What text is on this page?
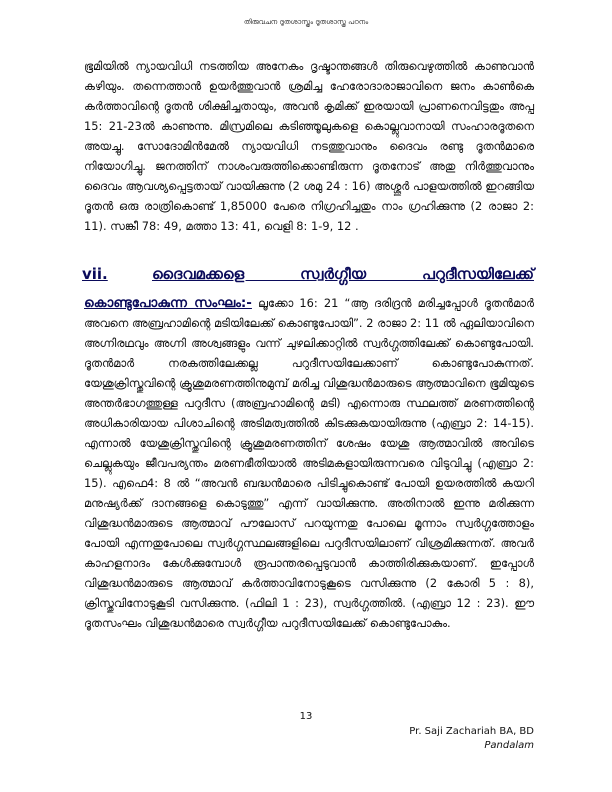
തിരുവചന ദൂതശാസ്ത്രം ദൂതശാസ്ത്ര പഠനം
ഭൂമിയിൽ ന്യായവിധി നടത്തിയ അനേകം ദൃഷ്ടാന്തങ്ങൾ തിരുവെഴുത്തിൽ കാണുവാൻ കഴിയും. തന്നെത്താൻ ഉയർത്തുവാൻ ശ്രമിച്ച ഹേരോദാരാജാവിനെ ജനം കാൺകെ കർത്താവിന്റെ ദൂതൻ ശിക്ഷിച്ചതായും, അവൻ കൃമിക്ക് ഇരയായി പ്രാണനെവിട്ടതും അപ്പ 15: 21-23ൽ കാണുന്നു. മിസ്രമിലെ കടിഞ്ഞൂലുകളെ കൊല്ലുവാനായി സംഹാരദൂതനെ അയച്ചു. സോദോമിൻമേൽ ന്യായവിധി നടത്തുവാനും ദൈവം രണ്ടു ദൂതൻമാരെ നിയോഗിച്ചു. ജനത്തിന് നാശംവരുത്തിക്കൊണ്ടിരുന്ന ദൂതനോട് അതു നിർത്തുവാനും ദൈവം ആവശ്യപ്പെട്ടതായ് വായിക്കുന്നു (2 ശമു 24 : 16) അശ്ശൂർ പാളയത്തിൽ ഇറങ്ങിയ ദൂതൻ ഒരു രാത്രികൊണ്ട് 1,85000 പേരെ നിഗ്രഹിച്ചതും നാം ഗ്രഹിക്കുന്നു (2 രാജാ 2: 11). സങ്കീ 78: 49, മത്താ 13: 41, വെളി 8: 1-9, 12 .
vii.	ദൈവമക്കളെ സ്വർഗ്ഗീയ പറുദീസയിലേക്ക്
കൊണ്ടുപോകുന്ന സംഘം:- ലൂക്കോ 16: 21 “ആ ദരിദ്രൻ മരിച്ചപ്പോൾ ദൂതൻമാർ അവനെ അബ്രഹാമിന്റെ മടിയിലേക്ക് കൊണ്ടുപോയി”. 2 രാജാ 2: 11 ൽ ഏലിയാവിനെ അഗ്നിരഥവും അഗ്നി അശ്വങ്ങളും വന്ന് ചുഴലിക്കാറ്റിൽ സ്വർഗ്ഗത്തിലേക്ക് കൊണ്ടുപോയി. ദൂതൻമാർ നരകത്തിലേക്കല്ല പറുദീസയിലേക്കാണ് കൊണ്ടുപോകുന്നത്. യേശുക്രിസ്തുവിന്റെ ക്രൂശുമരണത്തിനുമുമ്പ് മരിച്ച വിശുദ്ധൻമാരുടെ ആത്മാവിനെ ഭൂമിയുടെ അന്തർഭാഗത്തുള്ള പറുദീസ (അബ്രഹാമിന്റെ മടി) എന്നൊരു സ്ഥലത്ത് മരണത്തിന്റെ അധികാരിയായ പിശാചിന്റെ അടിമത്വത്തിൽ കിടക്കുകയായിരുന്നു (എബ്രാ 2: 14-15). എന്നാൽ യേശുക്രിസ്തുവിന്റെ ക്രൂശുമരണത്തിന് ശേഷം യേശു ആത്മാവിൽ അവിടെ ചെല്ലുകയും ജീവപര്യന്തം മരണഭീതിയാൽ അടിമകളായിരുന്നവരെ വിടുവിച്ചു (എബ്രാ 2: 15). എഫെ4: 8 ൽ “അവൻ ബദ്ധൻമാരെ പിടിച്ചുകൊണ്ട് പോയി ഉയരത്തിൽ കയറി മനുഷ്യർക്ക് ദാനങ്ങളെ കൊടുത്തു” എന്ന് വായിക്കുന്നു. അതിനാൽ ഇന്നു മരിക്കുന്ന വിശുദ്ധൻമാരുടെ ആത്മാവ് പൗലോസ് പറയുന്നതു പോലെ മൂന്നാം സ്വർഗ്ഗത്തോളം പോയി എന്നതുപോലെ സ്വർഗ്ഗസ്ഥലങ്ങളിലെ പറുദീസയിലാണ് വിശ്രമിക്കുന്നത്. അവർ കാഹളനാദം കേൾക്കുമ്പോൾ രൂപാന്തരപ്പെടുവാൻ കാത്തിരിക്കുകയാണ്. ഇപ്പോൾ വിശുദ്ധൻമാരുടെ ആത്മാവ് കർത്താവിനോടുകൂടെ വസിക്കുന്നു (2 കോരി 5 : 8), ക്രിസ്തുവിനോടുകൂടി വസിക്കുന്നു. (ഫിലി 1 : 23), സ്വർഗ്ഗത്തിൽ. (എബ്രാ 12 : 23). ഈ ദൂതസംഘം വിശുദ്ധൻമാരെ സ്വർഗ്ഗീയ പറുദീസയിലേക്ക് കൊണ്ടുപോകും.
13
Pr. Saji Zachariah BA, BD
Pandalam
